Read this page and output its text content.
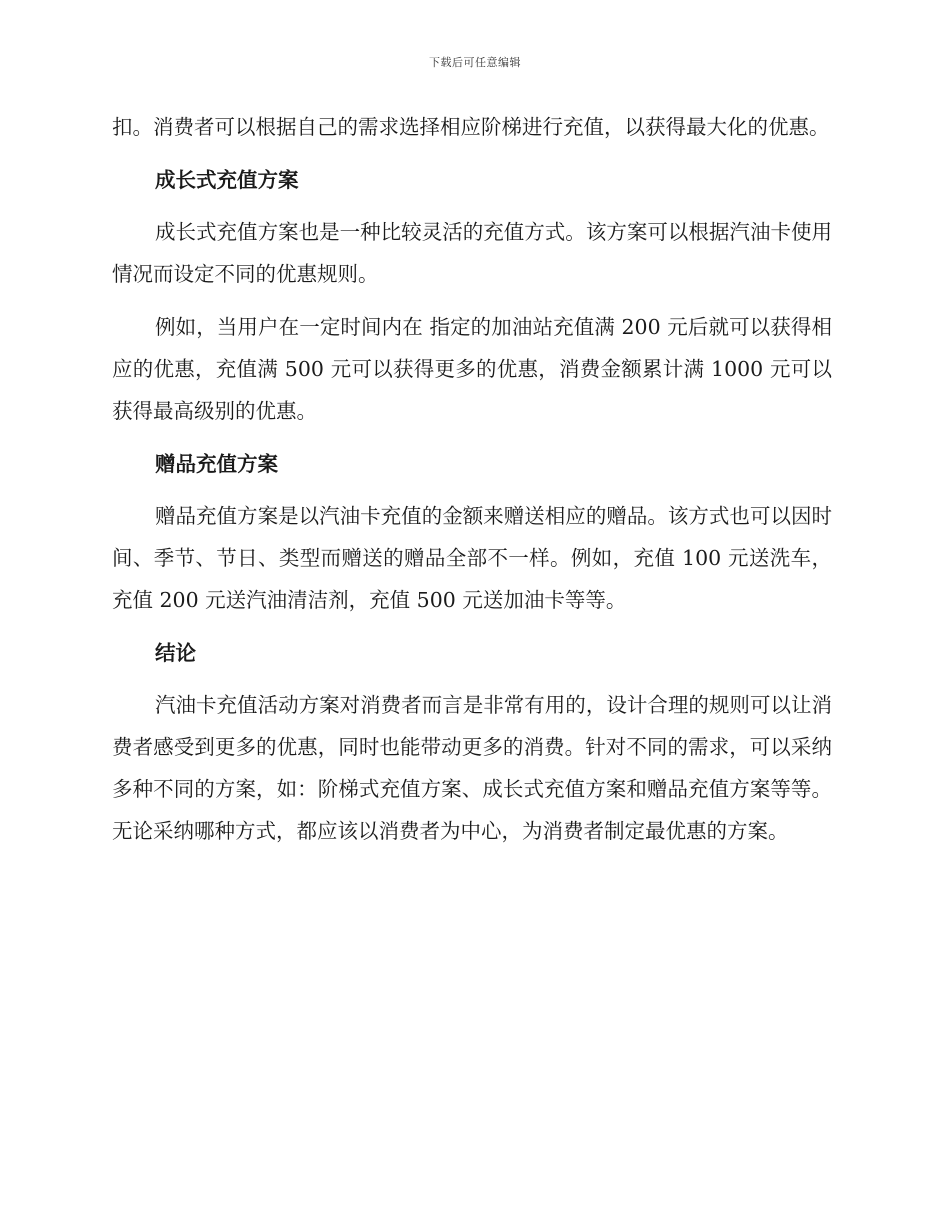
下载后可任意编辑

扣。消费者可以根据自己的需求选择相应阶梯进行充值，以获得最大化的优惠。

成长式充值方案

成长式充值方案也是一种比较灵活的充值方式。该方案可以根据汽油卡使用情况而设定不同的优惠规则。

例如，当用户在一定时间内在 指定的加油站充值满 200 元后就可以获得相应的优惠，充值满 500 元可以获得更多的优惠，消费金额累计满 1000 元可以获得最高级别的优惠。

赠品充值方案

赠品充值方案是以汽油卡充值的金额来赠送相应的赠品。该方式也可以因时间、季节、节日、类型而赠送的赠品全部不一样。例如，充值 100 元送洗车，充值 200 元送汽油清洁剂，充值 500 元送加油卡等等。

结论

汽油卡充值活动方案对消费者而言是非常有用的，设计合理的规则可以让消费者感受到更多的优惠，同时也能带动更多的消费。针对不同的需求，可以采纳多种不同的方案，如：阶梯式充值方案、成长式充值方案和赠品充值方案等等。无论采纳哪种方式，都应该以消费者为中心，为消费者制定最优惠的方案。
